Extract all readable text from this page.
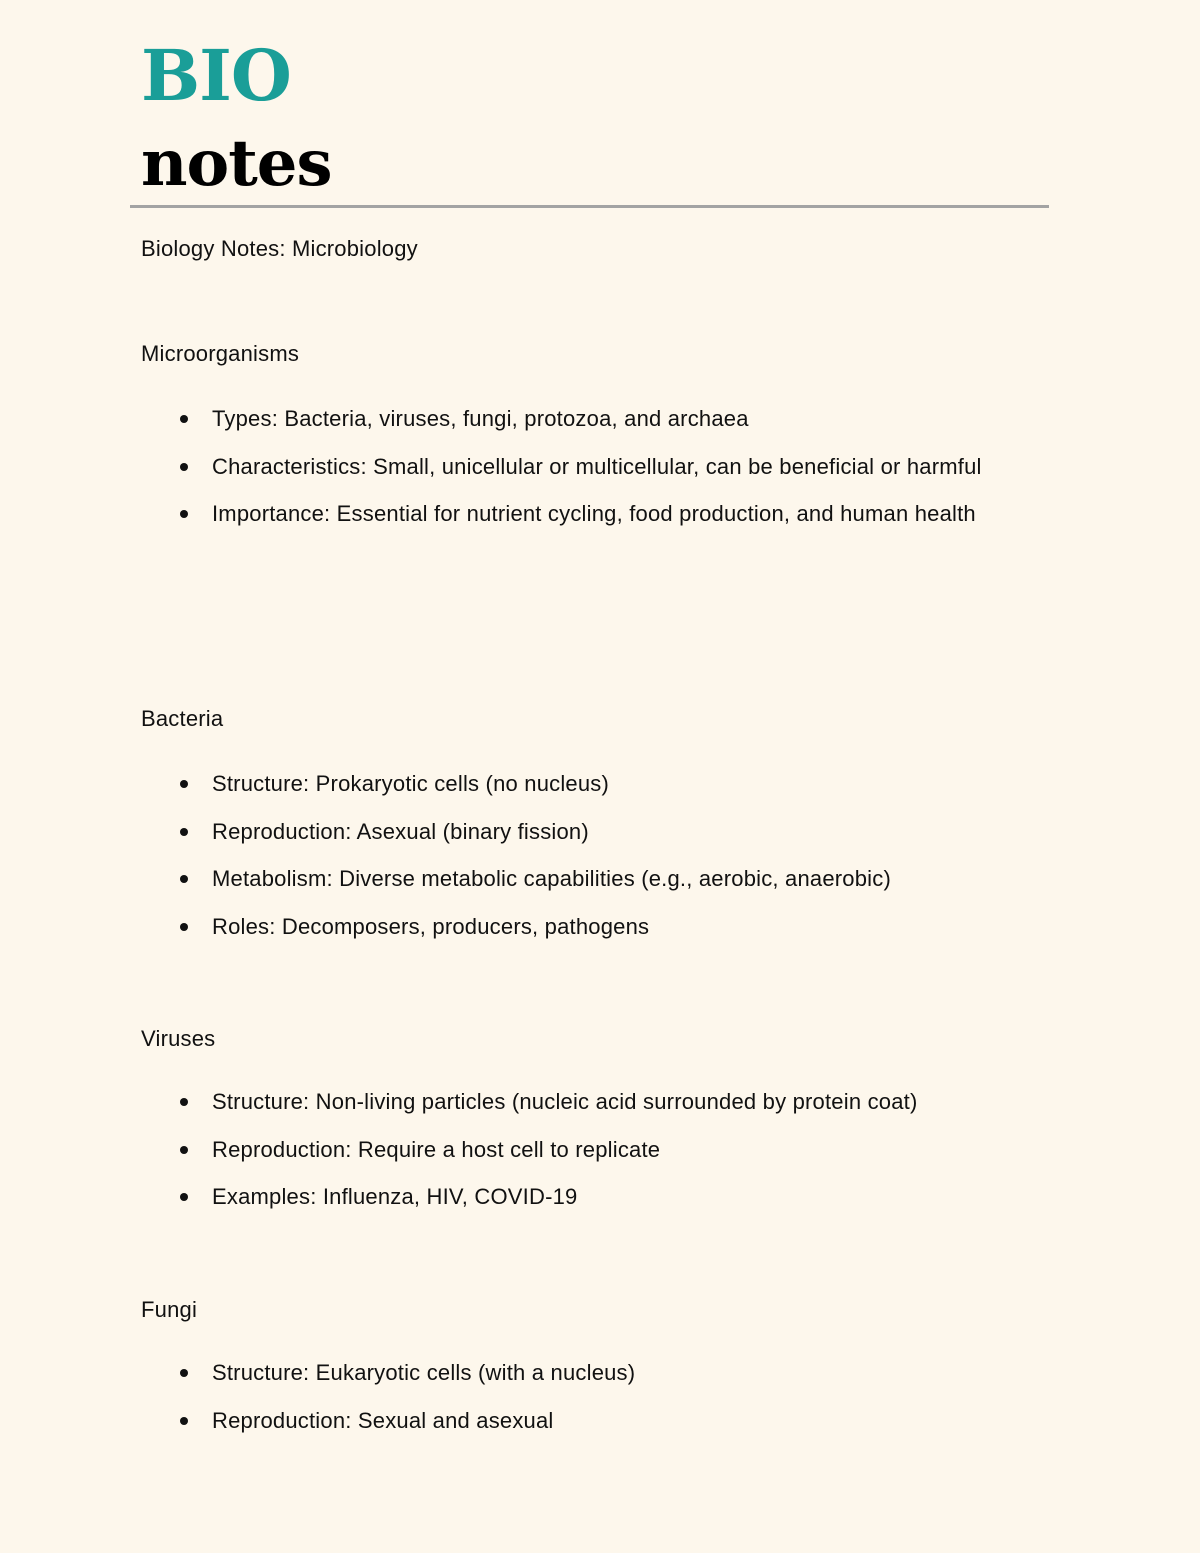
BIO
notes

Biology Notes: Microbiology

Microorganisms
Types: Bacteria, viruses, fungi, protozoa, and archaea
Characteristics: Small, unicellular or multicellular, can be beneficial or harmful
Importance: Essential for nutrient cycling, food production, and human health
Bacteria
Structure: Prokaryotic cells (no nucleus)
Reproduction: Asexual (binary fission)
Metabolism: Diverse metabolic capabilities (e.g., aerobic, anaerobic)
Roles: Decomposers, producers, pathogens
Viruses
Structure: Non-living particles (nucleic acid surrounded by protein coat)
Reproduction: Require a host cell to replicate
Examples: Influenza, HIV, COVID-19
Fungi
Structure: Eukaryotic cells (with a nucleus)
Reproduction: Sexual and asexual
